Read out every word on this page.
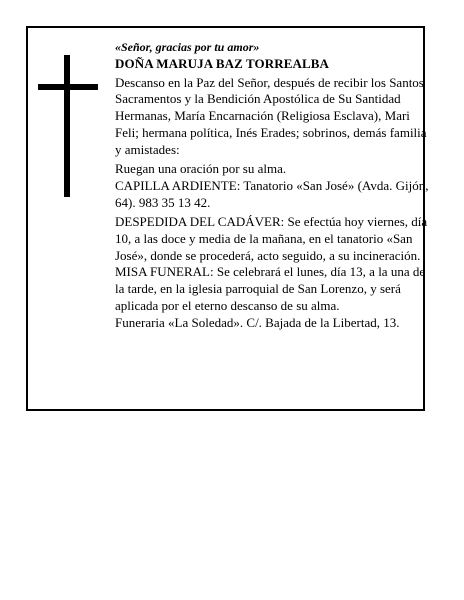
«Señor, gracias por tu amor»

DOÑA MARUJA BAZ TORREALBA

Descanso en la Paz del Señor, después de recibir los Santos Sacramentos y la Bendición Apostólica de Su Santidad

Hermanas, María Encarnación (Religiosa Esclava), Mari Feli; hermana política, Inés Erades; sobrinos, demás familia y amistades:

Ruegan una oración por su alma.

CAPILLA ARDIENTE: Tanatorio «San José» (Avda. Gijón, 64). 983 35 13 42.

DESPEDIDA DEL CADÁVER: Se efectúa hoy viernes, día 10, a las doce y media de la mañana, en el tanatorio «San José», donde se procederá, acto seguido, a su incineración.

MISA FUNERAL: Se celebrará el lunes, día 13, a la una de la tarde, en la iglesia parroquial de San Lorenzo, y será aplicada por el eterno descanso de su alma.

Funeraria «La Soledad». C/. Bajada de la Libertad, 13.
